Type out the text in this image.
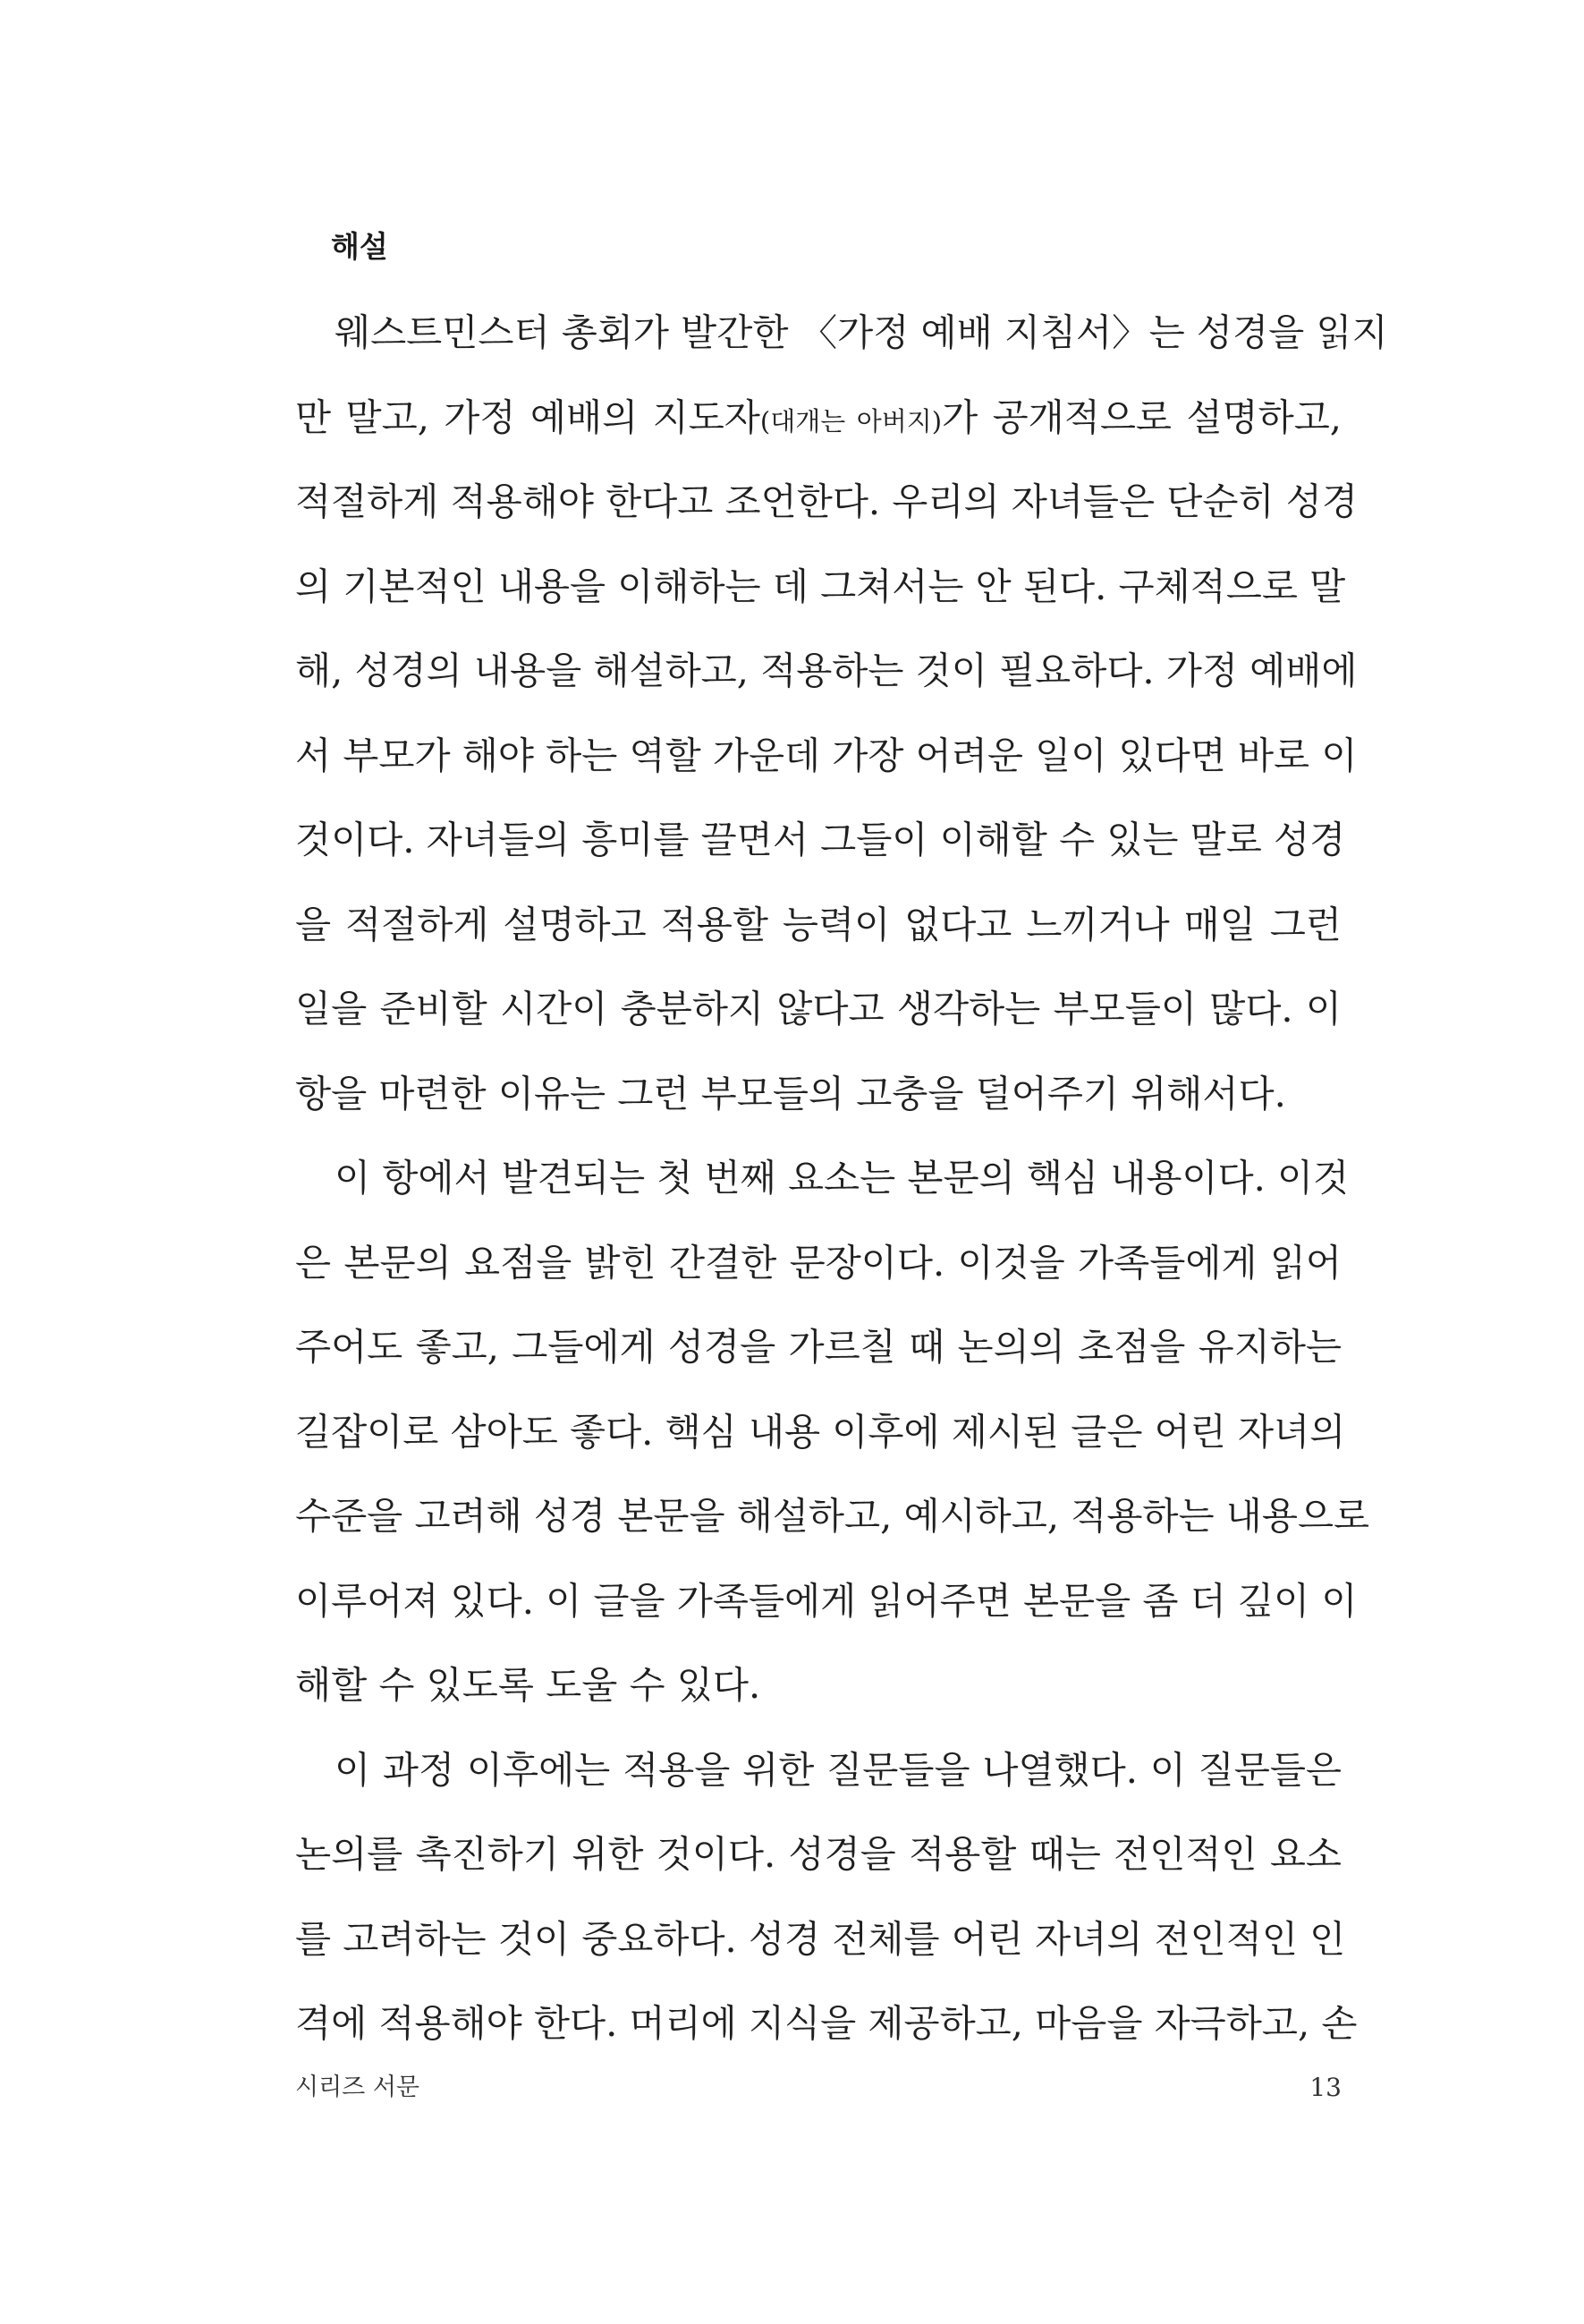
해설
웨스트민스터 총회가 발간한 〈가정 예배 지침서〉는 성경을 읽지
만 말고, 가정 예배의 지도자(대개는 아버지)가 공개적으로 설명하고,
적절하게 적용해야 한다고 조언한다. 우리의 자녀들은 단순히 성경
의 기본적인 내용을 이해하는 데 그쳐서는 안 된다. 구체적으로 말
해, 성경의 내용을 해설하고, 적용하는 것이 필요하다. 가정 예배에
서 부모가 해야 하는 역할 가운데 가장 어려운 일이 있다면 바로 이
것이다. 자녀들의 흥미를 끌면서 그들이 이해할 수 있는 말로 성경
을 적절하게 설명하고 적용할 능력이 없다고 느끼거나 매일 그런
일을 준비할 시간이 충분하지 않다고 생각하는 부모들이 많다. 이
항을 마련한 이유는 그런 부모들의 고충을 덜어주기 위해서다.
이 항에서 발견되는 첫 번째 요소는 본문의 핵심 내용이다. 이것
은 본문의 요점을 밝힌 간결한 문장이다. 이것을 가족들에게 읽어
주어도 좋고, 그들에게 성경을 가르칠 때 논의의 초점을 유지하는
길잡이로 삼아도 좋다. 핵심 내용 이후에 제시된 글은 어린 자녀의
수준을 고려해 성경 본문을 해설하고, 예시하고, 적용하는 내용으로
이루어져 있다. 이 글을 가족들에게 읽어주면 본문을 좀 더 깊이 이
해할 수 있도록 도울 수 있다.
이 과정 이후에는 적용을 위한 질문들을 나열했다. 이 질문들은
논의를 촉진하기 위한 것이다. 성경을 적용할 때는 전인적인 요소
를 고려하는 것이 중요하다. 성경 전체를 어린 자녀의 전인적인 인
격에 적용해야 한다. 머리에 지식을 제공하고, 마음을 자극하고, 손
시리즈 서문	13
